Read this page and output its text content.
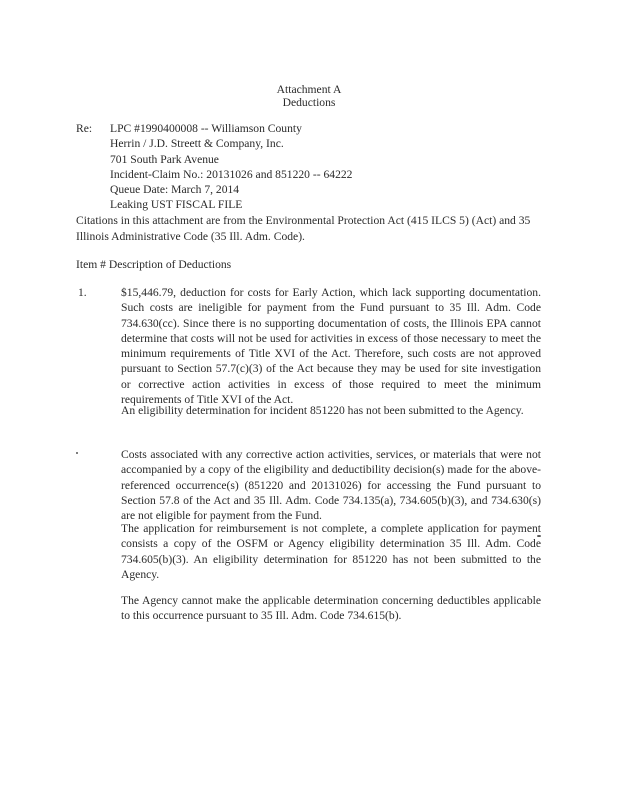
Attachment A
Deductions
Re: LPC #1990400008 -- Williamson County
Herrin / J.D. Streett & Company, Inc.
701 South Park Avenue
Incident-Claim No.: 20131026 and 851220 -- 64222
Queue Date: March 7, 2014
Leaking UST FISCAL FILE
Citations in this attachment are from the Environmental Protection Act (415 ILCS 5) (Act) and 35 Illinois Administrative Code (35 Ill. Adm. Code).
Item # Description of Deductions
1.	$15,446.79, deduction for costs for Early Action, which lack supporting documentation. Such costs are ineligible for payment from the Fund pursuant to 35 Ill. Adm. Code 734.630(cc). Since there is no supporting documentation of costs, the Illinois EPA cannot determine that costs will not be used for activities in excess of those necessary to meet the minimum requirements of Title XVI of the Act. Therefore, such costs are not approved pursuant to Section 57.7(c)(3) of the Act because they may be used for site investigation or corrective action activities in excess of those required to meet the minimum requirements of Title XVI of the Act.
An eligibility determination for incident 851220 has not been submitted to the Agency.
Costs associated with any corrective action activities, services, or materials that were not accompanied by a copy of the eligibility and deductibility decision(s) made for the above-referenced occurrence(s) (851220 and 20131026) for accessing the Fund pursuant to Section 57.8 of the Act and 35 Ill. Adm. Code 734.135(a), 734.605(b)(3), and 734.630(s) are not eligible for payment from the Fund.
The application for reimbursement is not complete, a complete application for payment consists a copy of the OSFM or Agency eligibility determination 35 Ill. Adm. Code 734.605(b)(3). An eligibility determination for 851220 has not been submitted to the Agency.
The Agency cannot make the applicable determination concerning deductibles applicable to this occurrence pursuant to 35 Ill. Adm. Code 734.615(b).
